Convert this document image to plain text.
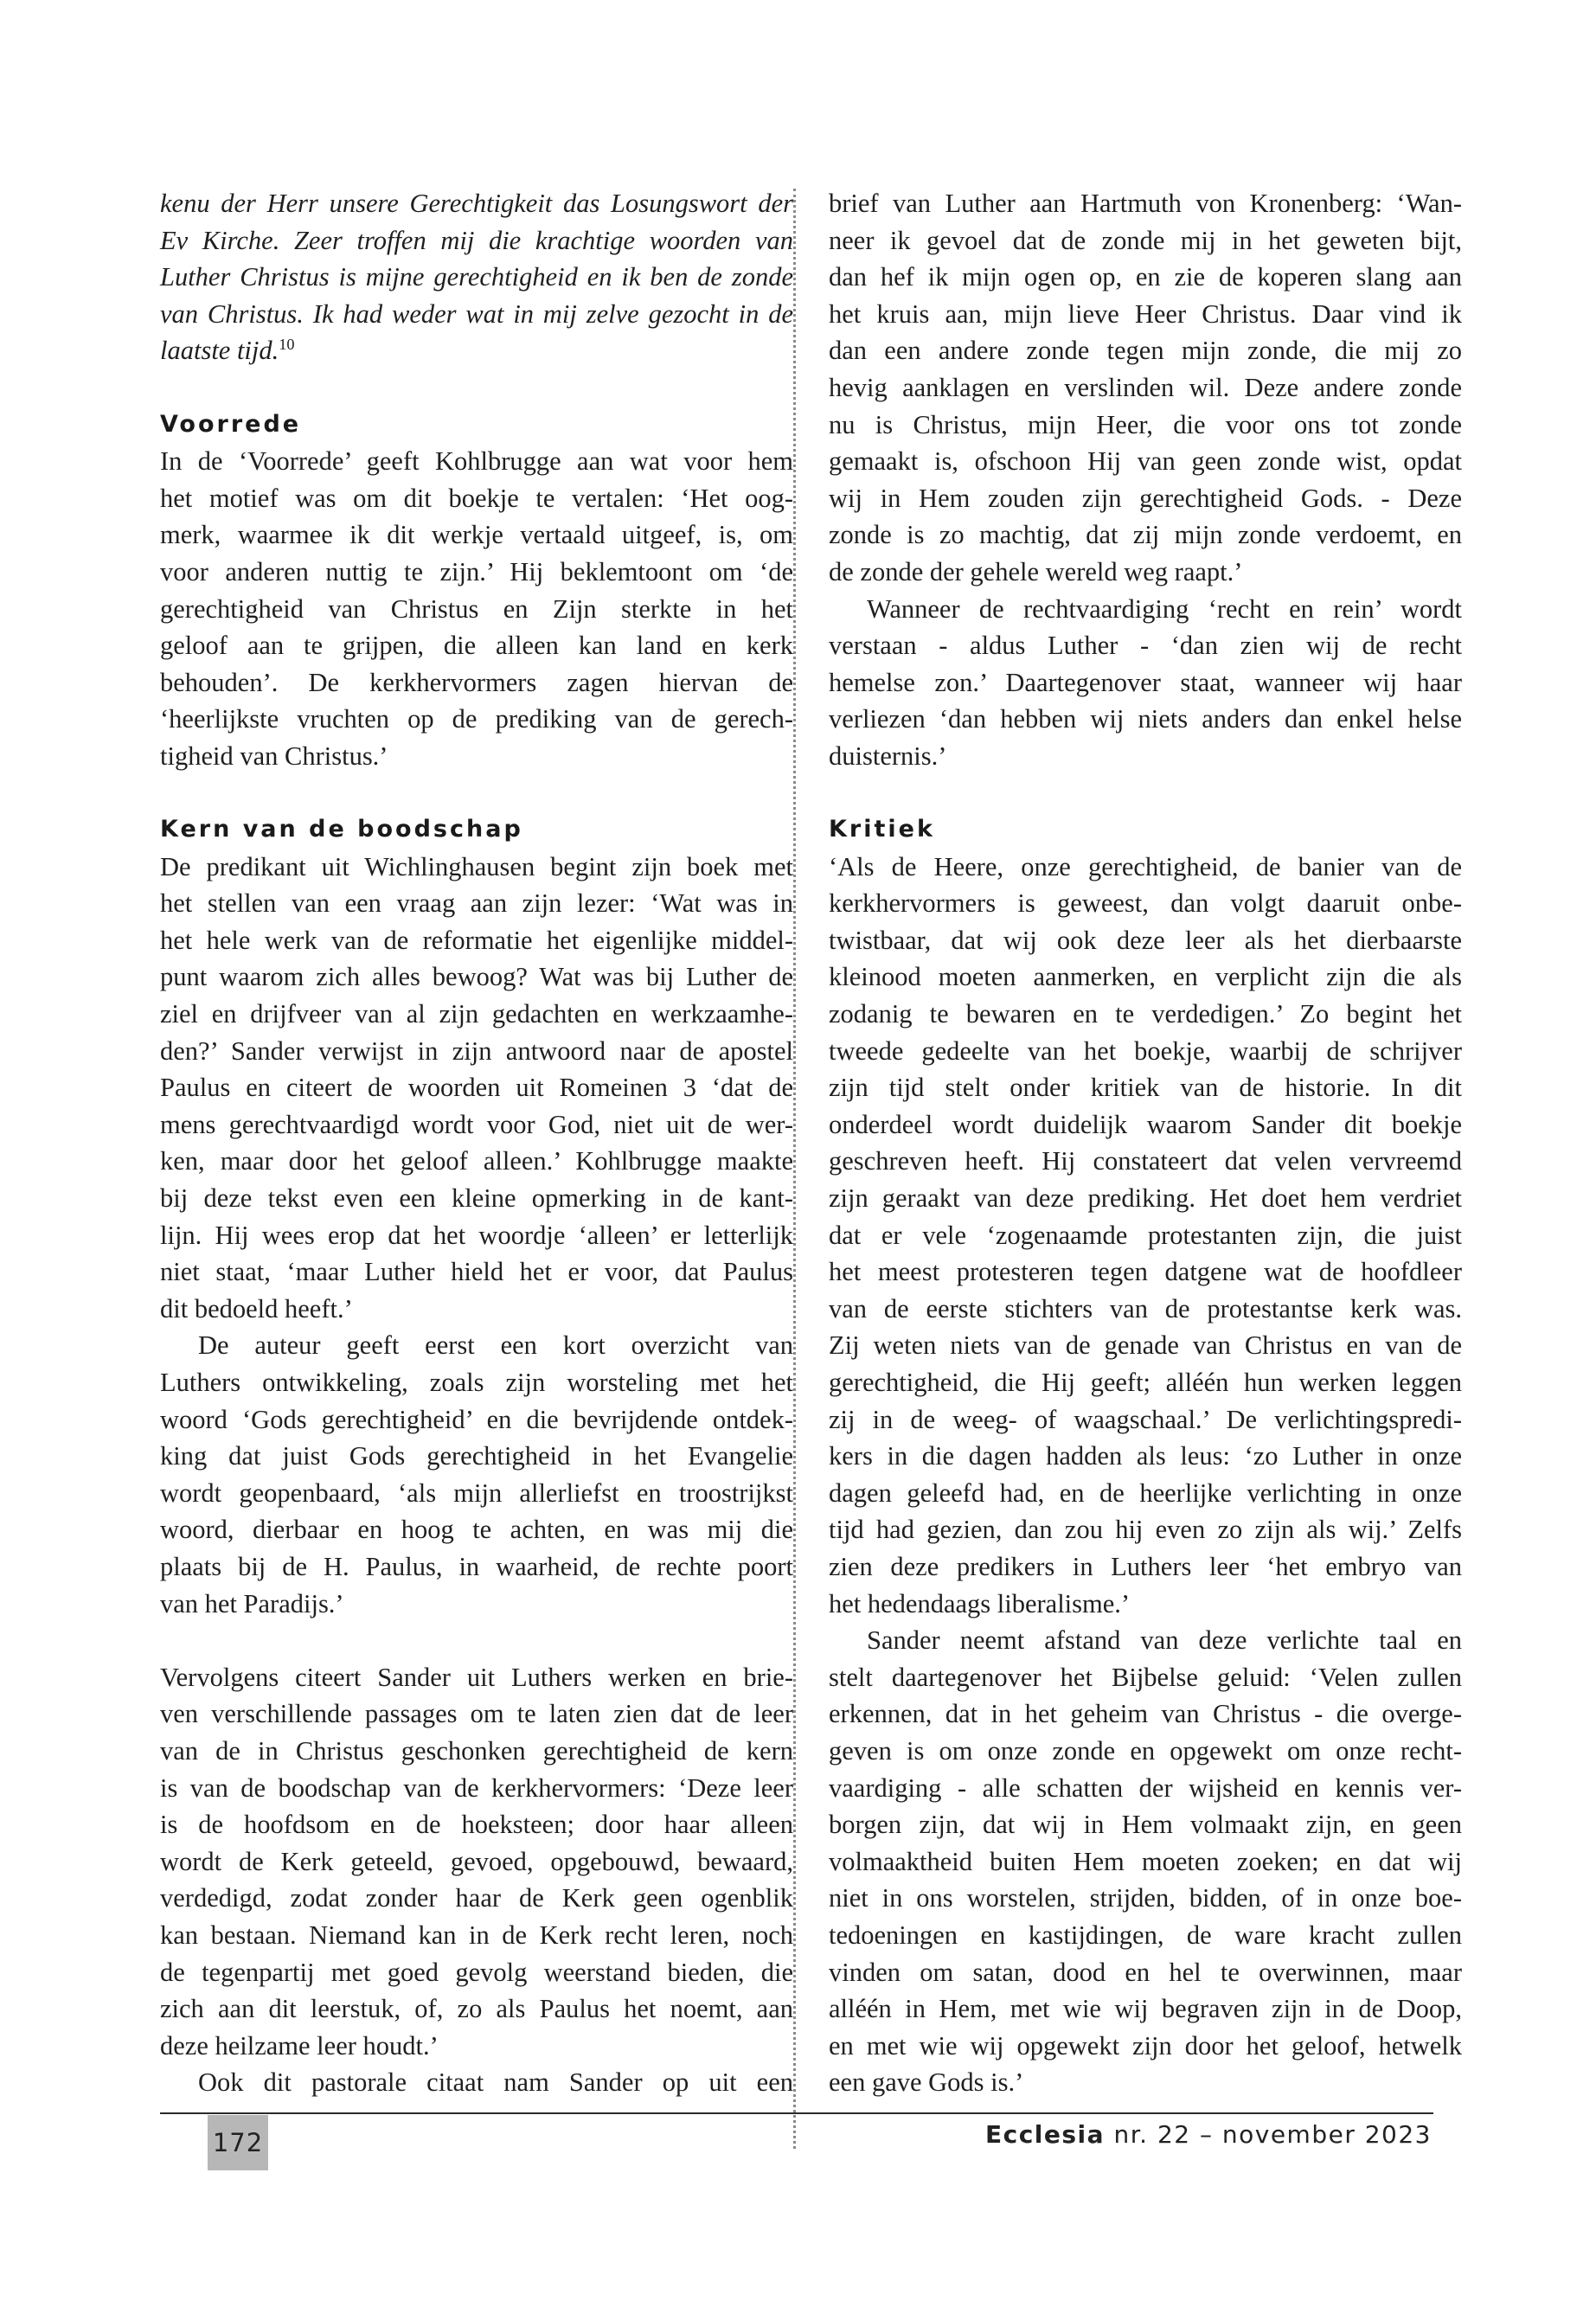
kenu der Herr unsere Gerechtigkeit das Losungswort der
Ev Kirche. Zeer troffen mij die krachtige woorden van
Luther Christus is mijne gerechtigheid en ik ben de zonde
van Christus. Ik had weder wat in mij zelve gezocht in de
laatste tijd.$^{10}$
Voorrede
In de ‘Voorrede’ geeft Kohlbrugge aan wat voor hem
het motief was om dit boekje te vertalen: ‘Het oog-
merk, waarmee ik dit werkje vertaald uitgeef, is, om
voor anderen nuttig te zijn.’ Hij beklemtoont om ‘de
gerechtigheid van Christus en Zijn sterkte in het
geloof aan te grijpen, die alleen kan land en kerk
behouden’. De kerkhervormers zagen hiervan de
‘heerlijkste vruchten op de prediking van de gerech-
tigheid van Christus.’
Kern van de boodschap
De predikant uit Wichlinghausen begint zijn boek met
het stellen van een vraag aan zijn lezer: ‘Wat was in
het hele werk van de reformatie het eigenlijke middel-
punt waarom zich alles bewoog? Wat was bij Luther de
ziel en drijfveer van al zijn gedachten en werkzaamhe-
den?’ Sander verwijst in zijn antwoord naar de apostel
Paulus en citeert de woorden uit Romeinen 3 ‘dat de
mens gerechtvaardigd wordt voor God, niet uit de wer-
ken, maar door het geloof alleen.’ Kohlbrugge maakte
bij deze tekst even een kleine opmerking in de kant-
lijn. Hij wees erop dat het woordje ‘alleen’ er letterlijk
niet staat, ‘maar Luther hield het er voor, dat Paulus
dit bedoeld heeft.’
De auteur geeft eerst een kort overzicht van
Luthers ontwikkeling, zoals zijn worsteling met het
woord ‘Gods gerechtigheid’ en die bevrijdende ontdek-
king dat juist Gods gerechtigheid in het Evangelie
wordt geopenbaard, ‘als mijn allerliefst en troostrijkst
woord, dierbaar en hoog te achten, en was mij die
plaats bij de H. Paulus, in waarheid, de rechte poort
van het Paradijs.’
Vervolgens citeert Sander uit Luthers werken en brie-
ven verschillende passages om te laten zien dat de leer
van de in Christus geschonken gerechtigheid de kern
is van de boodschap van de kerkhervormers: ‘Deze leer
is de hoofdsom en de hoeksteen; door haar alleen
wordt de Kerk geteeld, gevoed, opgebouwd, bewaard,
verdedigd, zodat zonder haar de Kerk geen ogenblik
kan bestaan. Niemand kan in de Kerk recht leren, noch
de tegenpartij met goed gevolg weerstand bieden, die
zich aan dit leerstuk, of, zo als Paulus het noemt, aan
deze heilzame leer houdt.’
Ook dit pastorale citaat nam Sander op uit een
brief van Luther aan Hartmuth von Kronenberg: ‘Wan-
neer ik gevoel dat de zonde mij in het geweten bijt,
dan hef ik mijn ogen op, en zie de koperen slang aan
het kruis aan, mijn lieve Heer Christus. Daar vind ik
dan een andere zonde tegen mijn zonde, die mij zo
hevig aanklagen en verslinden wil. Deze andere zonde
nu is Christus, mijn Heer, die voor ons tot zonde
gemaakt is, ofschoon Hij van geen zonde wist, opdat
wij in Hem zouden zijn gerechtigheid Gods. - Deze
zonde is zo machtig, dat zij mijn zonde verdoemt, en
de zonde der gehele wereld weg raapt.’
Wanneer de rechtvaardiging ‘recht en rein’ wordt
verstaan - aldus Luther - ‘dan zien wij de recht
hemelse zon.’ Daartegenover staat, wanneer wij haar
verliezen ‘dan hebben wij niets anders dan enkel helse
duisternis.’
Kritiek
‘Als de Heere, onze gerechtigheid, de banier van de
kerkhervormers is geweest, dan volgt daaruit onbe-
twistbaar, dat wij ook deze leer als het dierbaarste
kleinood moeten aanmerken, en verplicht zijn die als
zodanig te bewaren en te verdedigen.’ Zo begint het
tweede gedeelte van het boekje, waarbij de schrijver
zijn tijd stelt onder kritiek van de historie. In dit
onderdeel wordt duidelijk waarom Sander dit boekje
geschreven heeft. Hij constateert dat velen vervreemd
zijn geraakt van deze prediking. Het doet hem verdriet
dat er vele ‘zogenaamde protestanten zijn, die juist
het meest protesteren tegen datgene wat de hoofdleer
van de eerste stichters van de protestantse kerk was.
Zij weten niets van de genade van Christus en van de
gerechtigheid, die Hij geeft; alléén hun werken leggen
zij in de weeg- of waagschaal.’ De verlichtingspredi-
kers in die dagen hadden als leus: ‘zo Luther in onze
dagen geleefd had, en de heerlijke verlichting in onze
tijd had gezien, dan zou hij even zo zijn als wij.’ Zelfs
zien deze predikers in Luthers leer ‘het embryo van
het hedendaags liberalisme.’
Sander neemt afstand van deze verlichte taal en
stelt daartegenover het Bijbelse geluid: ‘Velen zullen
erkennen, dat in het geheim van Christus - die overge-
geven is om onze zonde en opgewekt om onze recht-
vaardiging - alle schatten der wijsheid en kennis ver-
borgen zijn, dat wij in Hem volmaakt zijn, en geen
volmaaktheid buiten Hem moeten zoeken; en dat wij
niet in ons worstelen, strijden, bidden, of in onze boe-
tedoeningen en kastijdingen, de ware kracht zullen
vinden om satan, dood en hel te overwinnen, maar
alléén in Hem, met wie wij begraven zijn in de Doop,
en met wie wij opgewekt zijn door het geloof, hetwelk
een gave Gods is.’
172	Ecclesia nr. 22 – november 2023
